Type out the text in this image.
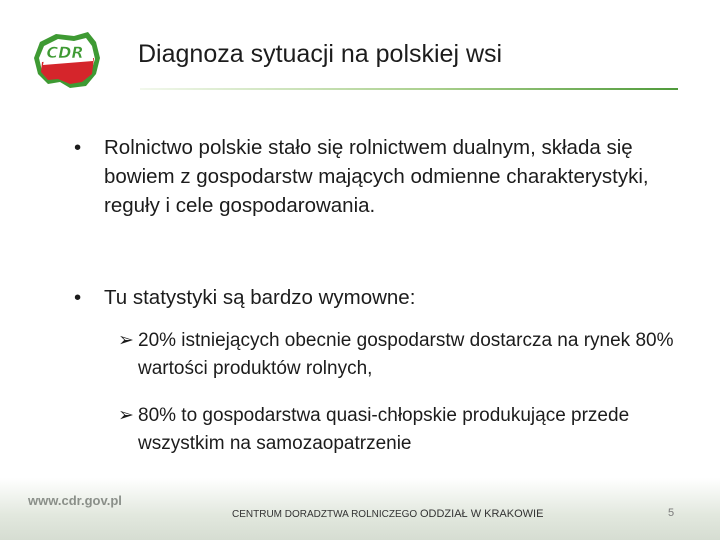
CDR Diagnoza sytuacji na polskiej wsi
• Rolnictwo polskie stało się rolnictwem dualnym, składa się bowiem z gospodarstw mających odmienne charakterystyki, reguły i cele gospodarowania.
• Tu statystyki są bardzo wymowne:
➢ 20% istniejących obecnie gospodarstw dostarcza na rynek 80% wartości produktów rolnych,
➢ 80% to gospodarstwa quasi-chłopskie produkujące przede wszystkim na samozaopatrzenie
www.cdr.gov.pl
CENTRUM DORADZTWA ROLNICZEGO ODDZIAŁ W KRAKOWIE	5
